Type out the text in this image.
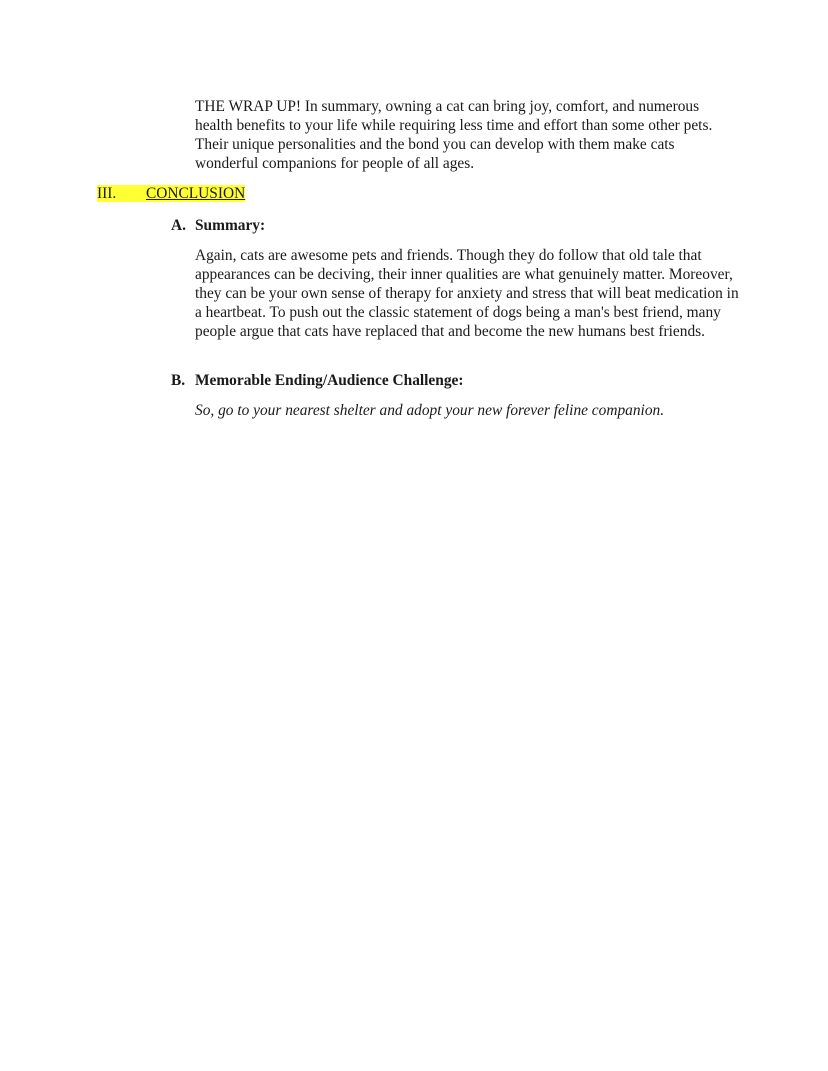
THE WRAP UP! In summary, owning a cat can bring joy, comfort, and numerous health benefits to your life while requiring less time and effort than some other pets. Their unique personalities and the bond you can develop with them make cats wonderful companions for people of all ages.

III. CONCLUSION
A. Summary:

Again, cats are awesome pets and friends. Though they do follow that old tale that appearances can be deciving, their inner qualities are what genuinely matter. Moreover, they can be your own sense of therapy for anxiety and stress that will beat medication in a heartbeat. To push out the classic statement of dogs being a man's best friend, many people argue that cats have replaced that and become the new humans best friends.

B. Memorable Ending/Audience Challenge:

So, go to your nearest shelter and adopt your new forever feline companion.
